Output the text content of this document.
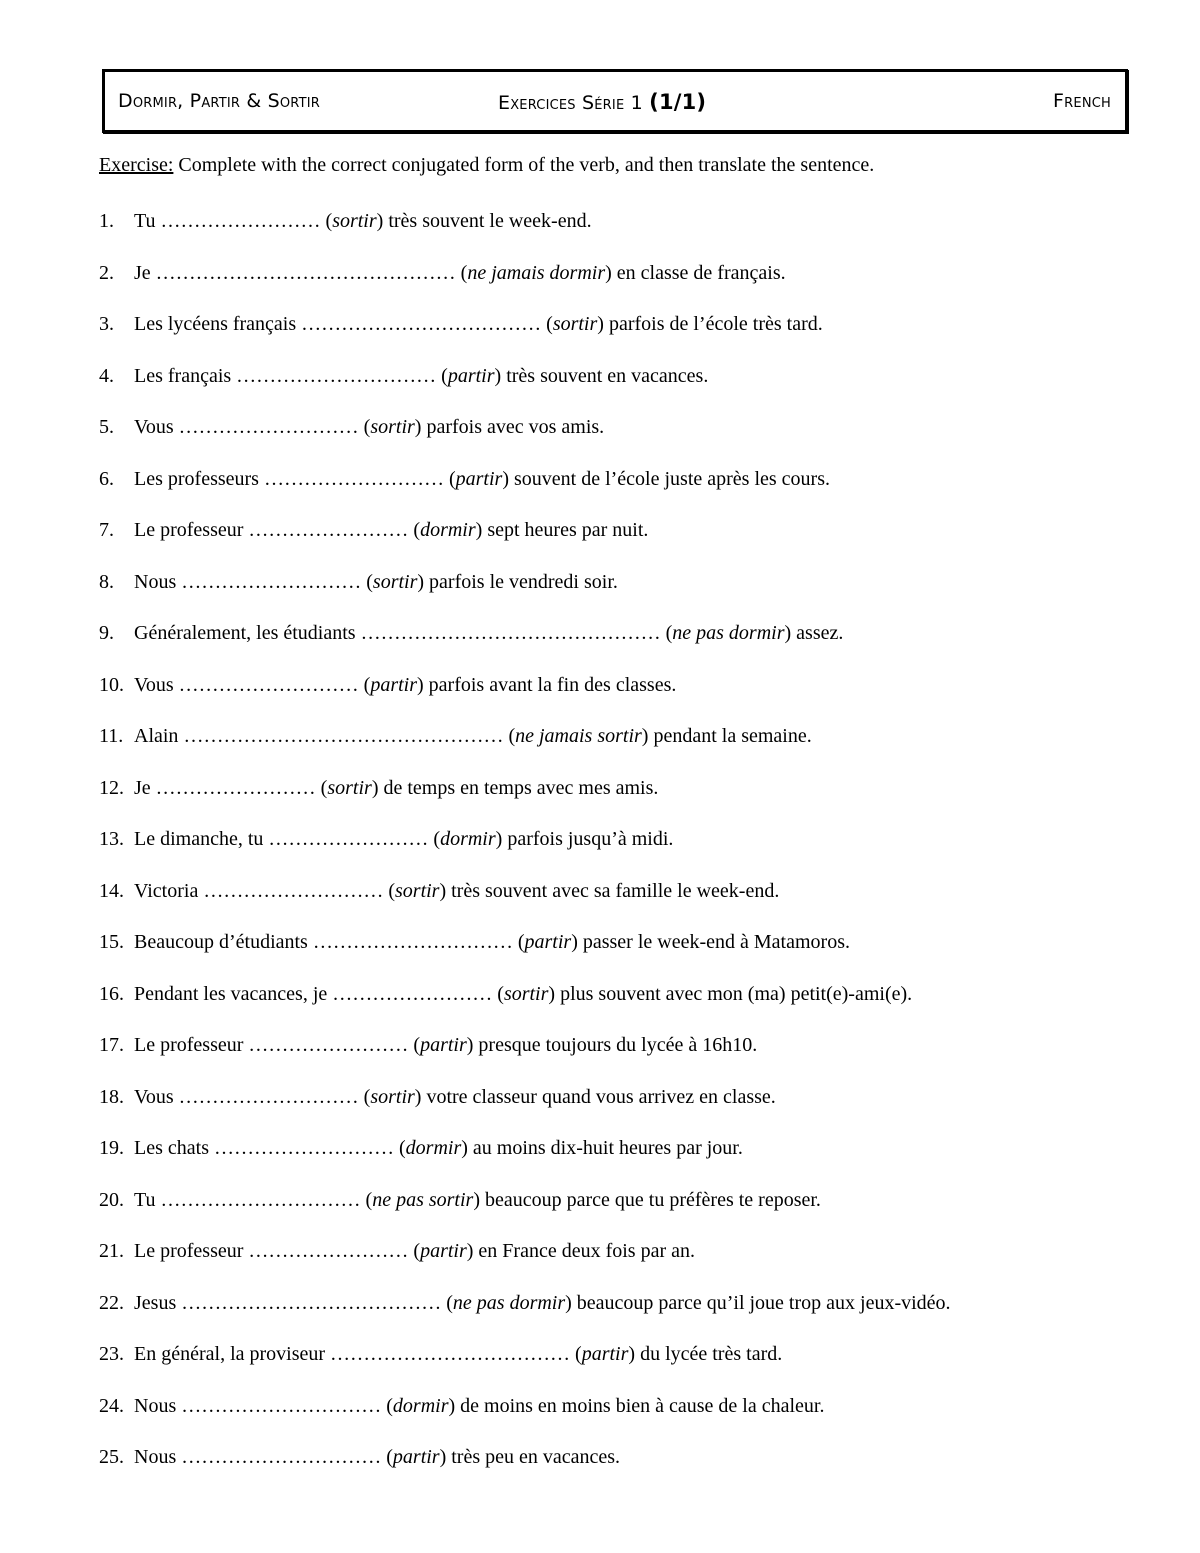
Dormir, Partir & Sortir	Exercices Série 1 (1/1)	French
Exercise: Complete with the correct conjugated form of the verb, and then translate the sentence.
1. Tu …………………… (sortir) très souvent le week-end.
2. Je ……………………………………… (ne jamais dormir) en classe de français.
3. Les lycéens français ……………………………… (sortir) parfois de l’école très tard.
4. Les français ………………………… (partir) très souvent en vacances.
5. Vous ……………………… (sortir) parfois avec vos amis.
6. Les professeurs ……………………… (partir) souvent de l’école juste après les cours.
7. Le professeur …………………… (dormir) sept heures par nuit.
8. Nous ……………………… (sortir) parfois le vendredi soir.
9. Généralement, les étudiants ……………………………………… (ne pas dormir) assez.
10. Vous ……………………… (partir) parfois avant la fin des classes.
11. Alain ………………………………………… (ne jamais sortir) pendant la semaine.
12. Je …………………… (sortir) de temps en temps avec mes amis.
13. Le dimanche, tu …………………… (dormir) parfois jusqu’à midi.
14. Victoria ……………………… (sortir) très souvent avec sa famille le week-end.
15. Beaucoup d’étudiants ………………………… (partir) passer le week-end à Matamoros.
16. Pendant les vacances, je …………………… (sortir) plus souvent avec mon (ma) petit(e)-ami(e).
17. Le professeur …………………… (partir) presque toujours du lycée à 16h10.
18. Vous ……………………… (sortir) votre classeur quand vous arrivez en classe.
19. Les chats ……………………… (dormir) au moins dix-huit heures par jour.
20. Tu ………………………… (ne pas sortir) beaucoup parce que tu préfères te reposer.
21. Le professeur …………………… (partir) en France deux fois par an.
22. Jesus ………………………………… (ne pas dormir) beaucoup parce qu’il joue trop aux jeux-vidéo.
23. En général, la proviseur ……………………………… (partir) du lycée très tard.
24. Nous ………………………… (dormir) de moins en moins bien à cause de la chaleur.
25. Nous ………………………… (partir) très peu en vacances.
